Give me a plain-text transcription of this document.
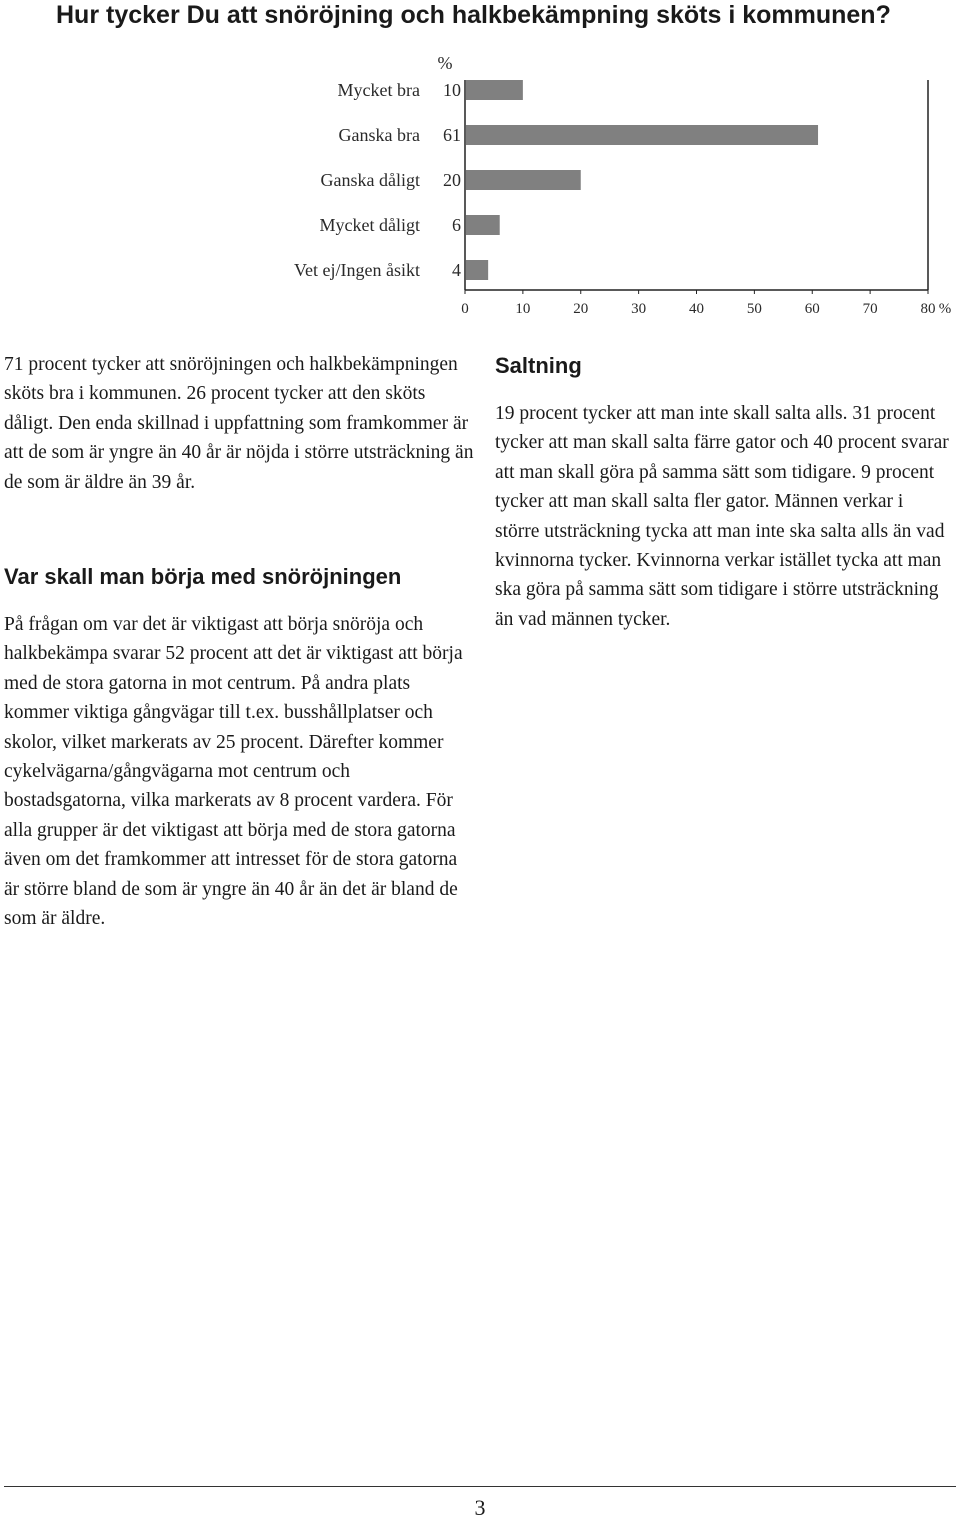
Hur tycker Du att snöröjning och halkbekämpning sköts i kommunen?
%
Mycket bra 10
Ganska bra 61
Ganska dåligt 20
Mycket dåligt 6
Vet ej/Ingen åsikt 4
0	10	20	30	40	50	60	70	80 %

71 procent tycker att snöröjningen och halkbekämpningen sköts bra i kommunen. 26 procent tycker att den sköts dåligt. Den enda skillnad i uppfattning som framkommer är att de som är yngre än 40 år är nöjda i större utsträckning än de som är äldre än 39 år.

Var skall man börja med snöröjningen

På frågan om var det är viktigast att börja snöröja och halkbekämpa svarar 52 procent att det är viktigast att börja med de stora gatorna in mot centrum. På andra plats kommer viktiga gångvägar till t.ex. busshållplatser och skolor, vilket markerats av 25 procent. Därefter kommer cykelvägarna/gångvägarna mot centrum och bostadsgatorna, vilka markerats av 8 procent vardera. För alla grupper är det viktigast att börja med de stora gatorna även om det framkommer att intresset för de stora gatorna är större bland de som är yngre än 40 år än det är bland de som är äldre.

Saltning

19 procent tycker att man inte skall salta alls. 31 procent tycker att man skall salta färre gator och 40 procent svarar att man skall göra på samma sätt som tidigare. 9 procent tycker att man skall salta fler gator. Männen verkar i större utsträckning tycka att man inte ska salta alls än vad kvinnorna tycker. Kvinnorna verkar istället tycka att man ska göra på samma sätt som tidigare i större utsträckning än vad männen tycker.

3
